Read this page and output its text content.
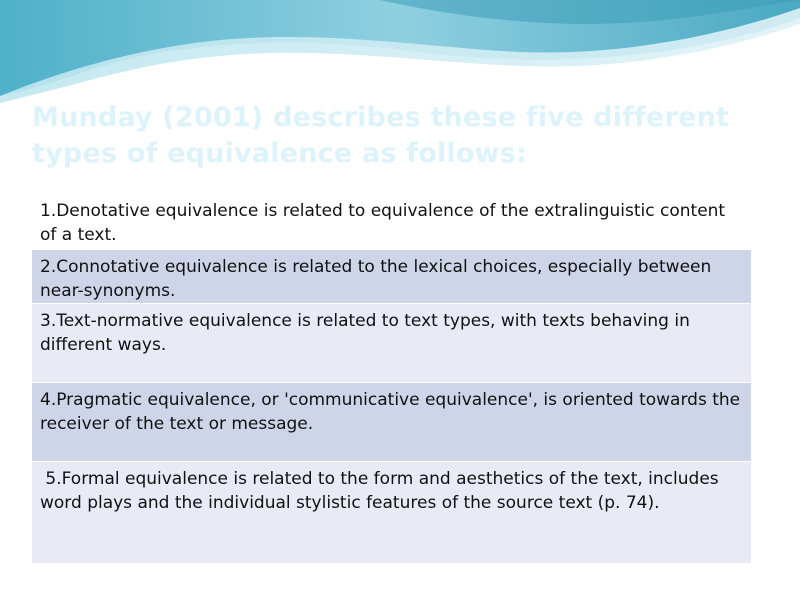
Munday (2001) describes these five different types of equivalence as follows:
1.Denotative equivalence is related to equivalence of the extralinguistic content of a text.
2.Connotative equivalence is related to the lexical choices, especially between near-synonyms.
3.Text-normative equivalence is related to text types, with texts behaving in different ways.
4.Pragmatic equivalence, or 'communicative equivalence', is oriented towards the receiver of the text or message.
5.Formal equivalence is related to the form and aesthetics of the text, includes word plays and the individual stylistic features of the source text (p. 74).
